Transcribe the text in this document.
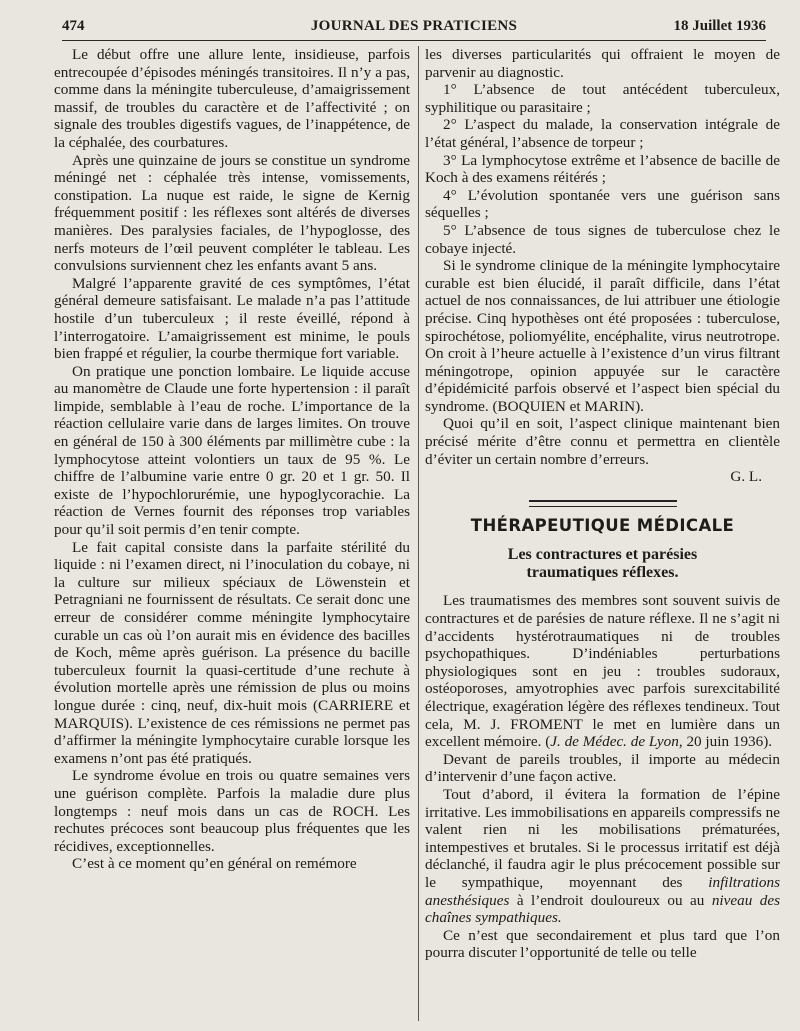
474	JOURNAL DES PRATICIENS	18 Juillet 1936

Le début offre une allure lente, insidieuse, parfois entrecoupée d’épisodes méningés transitoires. Il n’y a pas, comme dans la méningite tuberculeuse, d’amaigrissement massif, de troubles du caractère et de l’affectivité ; on signale des troubles digestifs vagues, de l’inappétence, de la céphalée, des courbatures.

Après une quinzaine de jours se constitue un syndrome méningé net : céphalée très intense, vomissements, constipation. La nuque est raide, le signe de Kernig fréquemment positif : les réflexes sont altérés de diverses manières. Des paralysies faciales, de l’hypoglosse, des nerfs moteurs de l’œil peuvent compléter le tableau. Les convulsions surviennent chez les enfants avant 5 ans.

Malgré l’apparente gravité de ces symptômes, l’état général demeure satisfaisant. Le malade n’a pas l’attitude hostile d’un tuberculeux ; il reste éveillé, répond à l’interrogatoire. L’amaigrissement est minime, le pouls bien frappé et régulier, la courbe thermique fort variable.

On pratique une ponction lombaire. Le liquide accuse au manomètre de Claude une forte hypertension : il paraît limpide, semblable à l’eau de roche. L’importance de la réaction cellulaire varie dans de larges limites. On trouve en général de 150 à 300 éléments par millimètre cube : la lymphocytose atteint volontiers un taux de 95 %. Le chiffre de l’albumine varie entre 0 gr. 20 et 1 gr. 50. Il existe de l’hypochlorurémie, une hypoglycorachie. La réaction de Vernes fournit des réponses trop variables pour qu’il soit permis d’en tenir compte.

Le fait capital consiste dans la parfaite stérilité du liquide : ni l’examen direct, ni l’inoculation du cobaye, ni la culture sur milieux spéciaux de Löwenstein et Petragniani ne fournissent de résultats. Ce serait donc une erreur de considérer comme méningite lymphocytaire curable un cas où l’on aurait mis en évidence des bacilles de Koch, même après guérison. La présence du bacille tuberculeux fournit la quasi-certitude d’une rechute à évolution mortelle après une rémission de plus ou moins longue durée : cinq, neuf, dix-huit mois (CARRIERE et MARQUIS). L’existence de ces rémissions ne permet pas d’affirmer la méningite lymphocytaire curable lorsque les examens n’ont pas été pratiqués.

Le syndrome évolue en trois ou quatre semaines vers une guérison complète. Parfois la maladie dure plus longtemps : neuf mois dans un cas de ROCH. Les rechutes précoces sont beaucoup plus fréquentes que les récidives, exceptionnelles.

C’est à ce moment qu’en général on remémore

les diverses particularités qui offraient le moyen de parvenir au diagnostic.

1° L’absence de tout antécédent tuberculeux, syphilitique ou parasitaire ;

2° L’aspect du malade, la conservation intégrale de l’état général, l’absence de torpeur ;

3° La lymphocytose extrême et l’absence de bacille de Koch à des examens réitérés ;

4° L’évolution spontanée vers une guérison sans séquelles ;

5° L’absence de tous signes de tuberculose chez le cobaye injecté.

Si le syndrome clinique de la méningite lymphocytaire curable est bien élucidé, il paraît difficile, dans l’état actuel de nos connaissances, de lui attribuer une étiologie précise. Cinq hypothèses ont été proposées : tuberculose, spirochétose, poliomyélite, encéphalite, virus neutrotrope. On croit à l’heure actuelle à l’existence d’un virus filtrant méningotrope, opinion appuyée sur le caractère d’épidémicité parfois observé et l’aspect bien spécial du syndrome. (BOQUIEN et MARIN).

Quoi qu’il en soit, l’aspect clinique maintenant bien précisé mérite d’être connu et permettra en clientèle d’éviter un certain nombre d’erreurs.

G. L.
THÉRAPEUTIQUE MÉDICALE
Les contractures et parésies
traumatiques réflexes.

Les traumatismes des membres sont souvent suivis de contractures et de parésies de nature réflexe. Il ne s’agit ni d’accidents hystérotraumatiques ni de troubles psychopathiques. D’indéniables perturbations physiologiques sont en jeu : troubles sudoraux, ostéoporoses, amyotrophies avec parfois surexcitabilité électrique, exagération légère des réflexes tendineux. Tout cela, M. J. FROMENT le met en lumière dans un excellent mémoire. (J. de Médec. de Lyon, 20 juin 1936).

Devant de pareils troubles, il importe au médecin d’intervenir d’une façon active.

Tout d’abord, il évitera la formation de l’épine irritative. Les immobilisations en appareils compressifs ne valent rien ni les mobilisations prématurées, intempestives et brutales. Si le processus irritatif est déjà déclanché, il faudra agir le plus précocement possible sur le sympathique, moyennant des infiltrations anesthésiques à l’endroit douloureux ou au niveau des chaînes sympathiques.

Ce n’est que secondairement et plus tard que l’on pourra discuter l’opportunité de telle ou telle
